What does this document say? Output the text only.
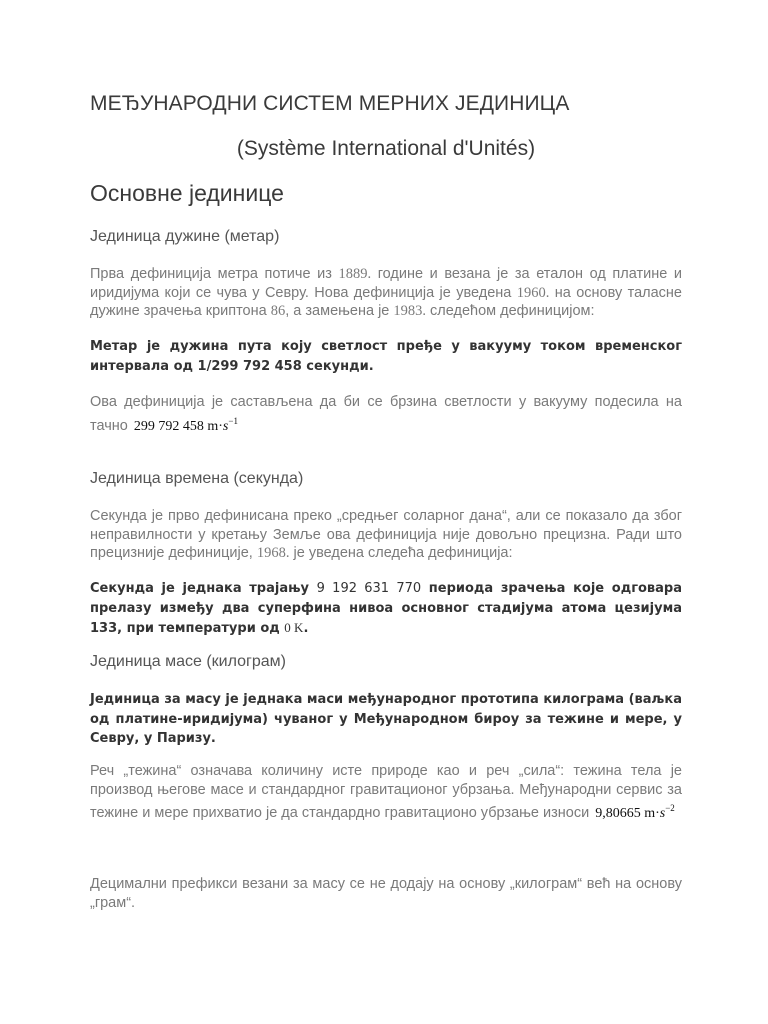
МЕЂУНАРОДНИ СИСТЕМ МЕРНИХ ЈЕДИНИЦА
(Système International d'Unités)
Основне јединице
Јединица дужине (метар)
Прва дефиниција метра потиче из 1889. године и везана је за еталон од платине и иридијума који се чува у Севру. Нова дефиниција је уведена 1960. на основу таласне дужине зрачења криптона 86, а замењена је 1983. следећом дефиницијом:
Метар је дужина пута коју светлост пређе у вакууму током временског интервала од 1/299 792 458 секунди.
Ова дефиниција је састављена да би се брзина светлости у вакууму подесила на тачно 299 792 458 $m\cdot s^{-1}$
Јединица времена (секунда)
Секунда је прво дефинисана преко „средњег соларног дана“, али се показало да због неправилности у кретању Земље ова дефиниција није довољно прецизна. Ради што прецизније дефиниције, 1968. је уведена следећа дефиниција:
Секунда је једнака трајању 9 192 631 770 периода зрачења које одговара прелазу између два суперфина нивоа основног стадијума атома цезијума 133, при температури од 0 K.
Јединица масе (килограм)
Јединица за масу је једнака маси међународног прототипа килограма (ваљка од платине-иридијума) чуваног у Међународном бироу за тежине и мере, у Севру, у Паризу.
Реч „тежина“ означава количину исте природе као и реч „сила“: тежина тела је производ његове масе и стандардног гравитационог убрзања. Међународни сервис за тежине и мере прихватио је да стандардно гравитационо убрзање износи 9,80665 $m\cdot s^{-2}$
Децимални префикси везани за масу се не додају на основу „килограм“ већ на основу „грам“.
